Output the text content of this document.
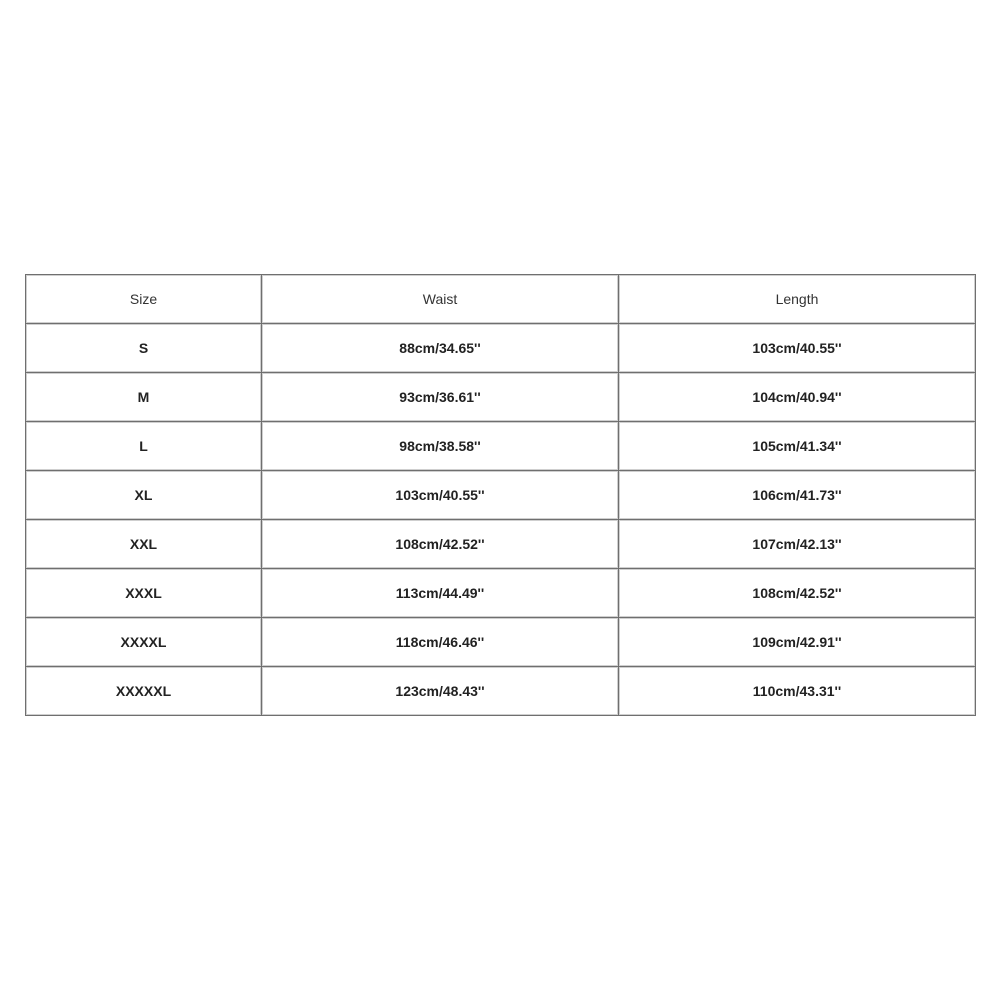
Size	Waist	Length
S	88cm/34.65''	103cm/40.55''
M	93cm/36.61''	104cm/40.94''
L	98cm/38.58''	105cm/41.34''
XL	103cm/40.55''	106cm/41.73''
XXL	108cm/42.52''	107cm/42.13''
XXXL	113cm/44.49''	108cm/42.52''
XXXXL	118cm/46.46''	109cm/42.91''
XXXXXL	123cm/48.43''	110cm/43.31''
